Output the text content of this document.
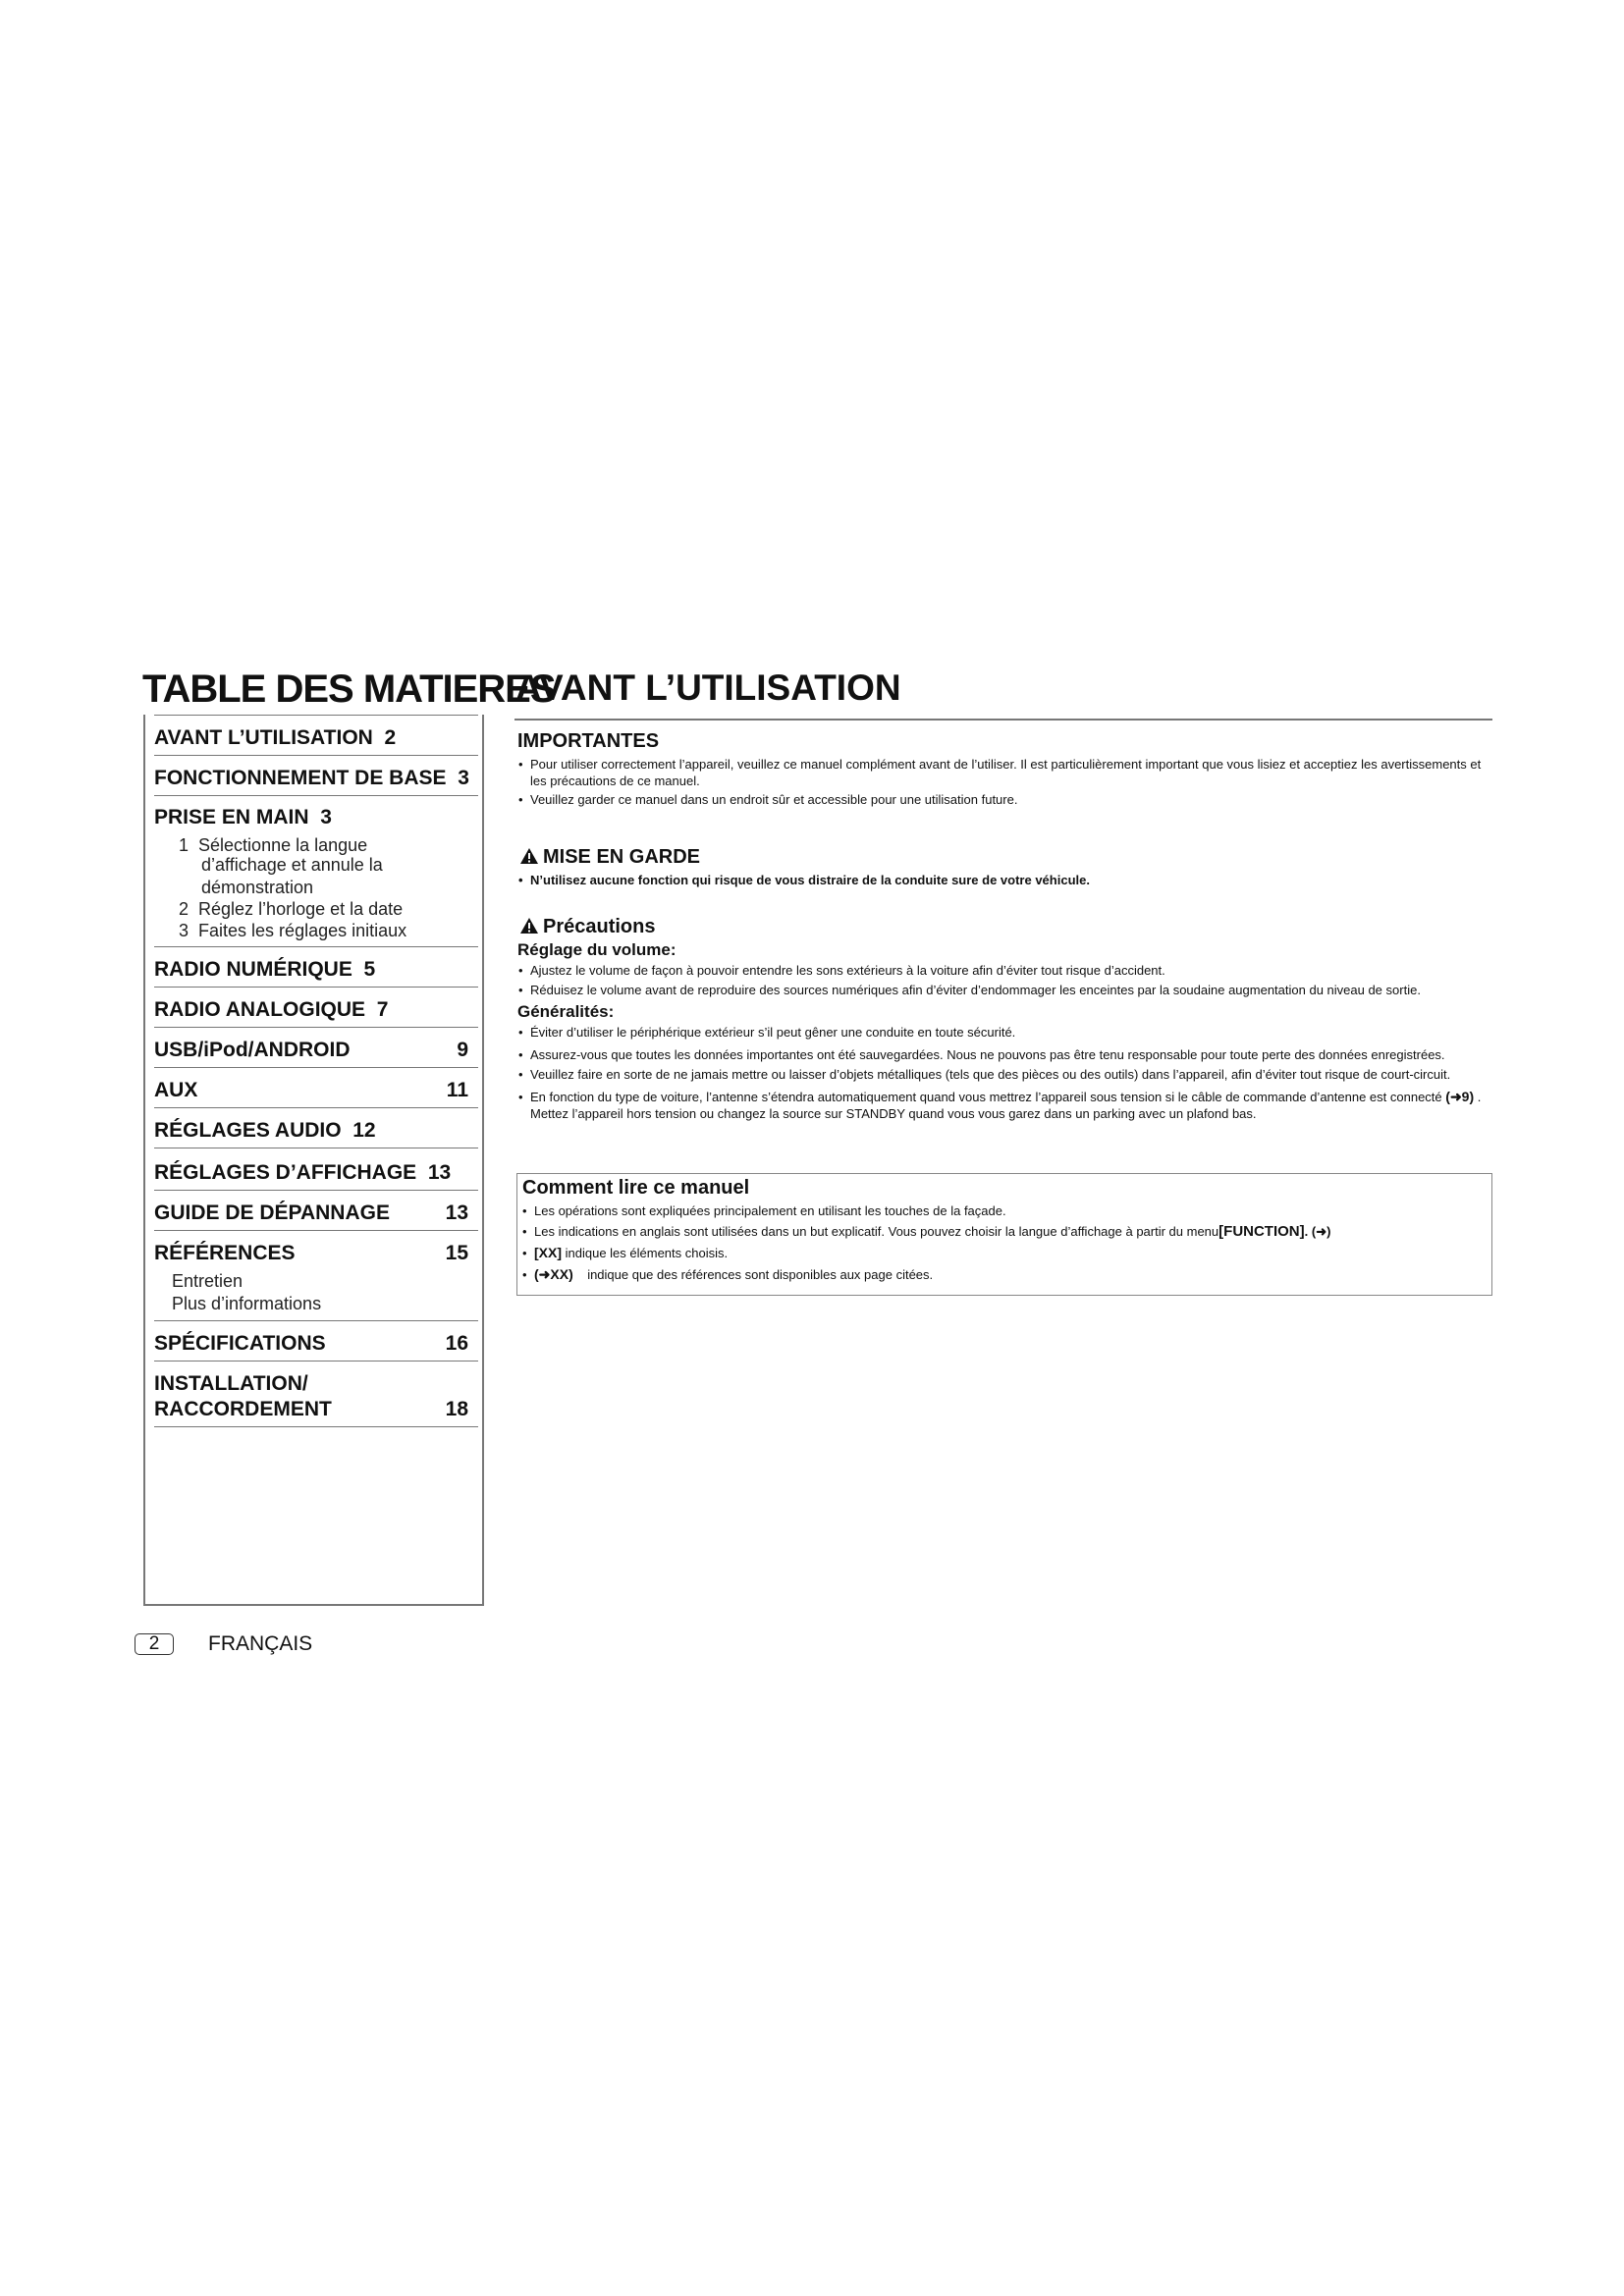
TABLE DES MATIERES
AVANT L’UTILISATION 2
FONCTIONNEMENT DE BASE 3
PRISE EN MAIN 3
1 Sélectionne la langue
d’affichage et annule la
démonstration
2 Réglez l’horloge et la date
3 Faites les réglages initiaux
RADIO NUMÉRIQUE 5
RADIO ANALOGIQUE 7
USB/iPod/ANDROID	9
AUX	11
RÉGLAGES AUDIO 12
RÉGLAGES D’AFFICHAGE 13
GUIDE DE DÉPANNAGE	13
RÉFÉRENCES	15
Entretien
Plus d’informations
SPÉCIFICATIONS	16
INSTALLATION/
RACCORDEMENT	18
AVANT L’UTILISATION
IMPORTANTES
• Pour utiliser correctement l’appareil, veuillez ce manuel complément avant de l’utiliser. Il est particulièrement important que vous lisiez et acceptiez les avertissements et les précautions de ce manuel.
• Veuillez garder ce manuel dans un endroit sûr et accessible pour une utilisation future.
MISE EN GARDE
• N’utilisez aucune fonction qui risque de vous distraire de la conduite sure de votre véhicule.
Précautions
Réglage du volume:
• Ajustez le volume de façon à pouvoir entendre les sons extérieurs à la voiture afin d’éviter tout risque d’accident.
• Réduisez le volume avant de reproduire des sources numériques afin d’éviter d’endommager les enceintes par la soudaine augmentation du niveau de sortie.
Généralités:
• Éviter d’utiliser le périphérique extérieur s’il peut gêner une conduite en toute sécurité.
• Assurez-vous que toutes les données importantes ont été sauvegardées. Nous ne pouvons pas être tenu responsable pour toute perte des données enregistrées.
• Veuillez faire en sorte de ne jamais mettre ou laisser d’objets métalliques (tels que des pièces ou des outils) dans l’appareil, afin d’éviter tout risque de court-circuit.
• En fonction du type de voiture, l’antenne s’étendra automatiquement quand vous mettrez l’appareil sous tension si le câble de commande d’antenne est connecté (➜9) .
Mettez l’appareil hors tension ou changez la source sur STANDBY quand vous vous garez dans un parking avec un plafond bas.
Comment lire ce manuel
• Les opérations sont expliquées principalement en utilisant les touches de la façade.
• Les indications en anglais sont utilisées dans un but explicatif. Vous pouvez choisir la langue d’affichage à partir du menu[FUNCTION]. (➜)
• [XX] indique les éléments choisis.
• (➜XX) indique que des références sont disponibles aux page citées.
2	FRANÇAIS
